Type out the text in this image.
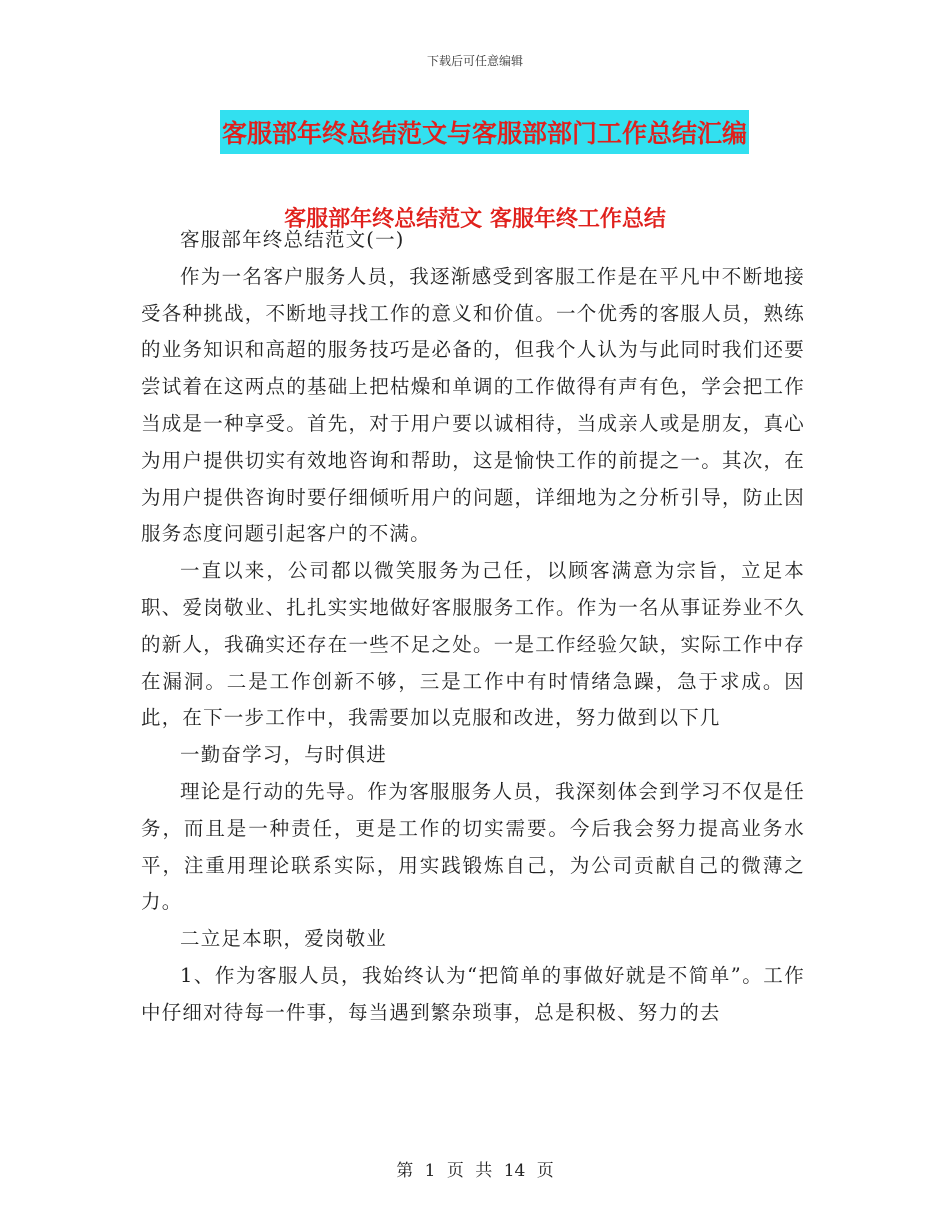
下载后可任意编辑
客服部年终总结范文与客服部部门工作总结汇编
客服部年终总结范文 客服年终工作总结

客服部年终总结范文(一)

作为一名客户服务人员，我逐渐感受到客服工作是在平凡中不断地接受各种挑战，不断地寻找工作的意义和价值。一个优秀的客服人员，熟练的业务知识和高超的服务技巧是必备的，但我个人认为与此同时我们还要尝试着在这两点的基础上把枯燥和单调的工作做得有声有色，学会把工作当成是一种享受。首先，对于用户要以诚相待，当成亲人或是朋友，真心为用户提供切实有效地咨询和帮助，这是愉快工作的前提之一。其次，在为用户提供咨询时要仔细倾听用户的问题，详细地为之分析引导，防止因服务态度问题引起客户的不满。

一直以来，公司都以微笑服务为己任，以顾客满意为宗旨，立足本职、爱岗敬业、扎扎实实地做好客服服务工作。作为一名从事证券业不久的新人，我确实还存在一些不足之处。一是工作经验欠缺，实际工作中存在漏洞。二是工作创新不够，三是工作中有时情绪急躁，急于求成。因此，在下一步工作中，我需要加以克服和改进，努力做到以下几

一勤奋学习，与时俱进

理论是行动的先导。作为客服服务人员，我深刻体会到学习不仅是任务，而且是一种责任，更是工作的切实需要。今后我会努力提高业务水平，注重用理论联系实际，用实践锻炼自己，为公司贡献自己的微薄之力。

二立足本职，爱岗敬业

1、作为客服人员，我始终认为“把简单的事做好就是不简单”。工作中仔细对待每一件事，每当遇到繁杂琐事，总是积极、努力的去

第 1 页 共 14 页
